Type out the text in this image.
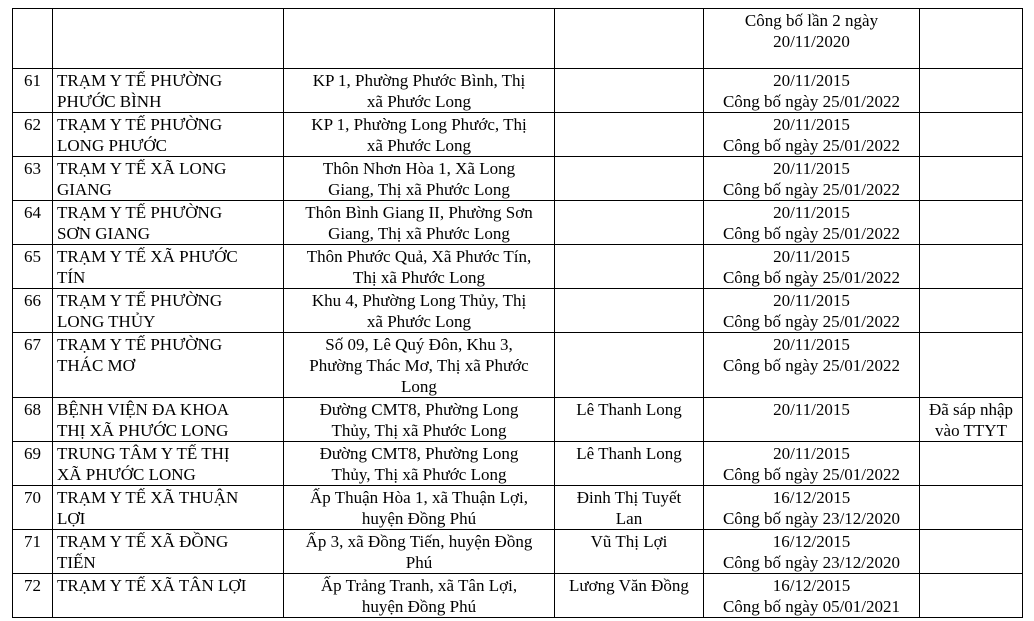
				Công bố lần 2 ngày
20/11/2020	

61	TRẠM Y TẾ PHƯỜNG
PHƯỚC BÌNH	KP 1, Phường Phước Bình, Thị
xã Phước Long		20/11/2015
Công bố ngày 25/01/2022	

62	TRẠM Y TẾ PHƯỜNG
LONG PHƯỚC	KP 1, Phường Long Phước, Thị
xã Phước Long		20/11/2015
Công bố ngày 25/01/2022	

63	TRẠM Y TẾ XÃ LONG
GIANG	Thôn Nhơn Hòa 1, Xã Long
Giang, Thị xã Phước Long		20/11/2015
Công bố ngày 25/01/2022	

64	TRẠM Y TẾ PHƯỜNG
SƠN GIANG	Thôn Bình Giang II, Phường Sơn
Giang, Thị xã Phước Long		20/11/2015
Công bố ngày 25/01/2022	

65	TRẠM Y TẾ XÃ PHƯỚC
TÍN	Thôn Phước Quả, Xã Phước Tín,
Thị xã Phước Long		20/11/2015
Công bố ngày 25/01/2022	

66	TRẠM Y TẾ PHƯỜNG
LONG THỦY	Khu 4, Phường Long Thủy, Thị
xã Phước Long		20/11/2015
Công bố ngày 25/01/2022	

67	TRẠM Y TẾ PHƯỜNG
THÁC MƠ	Số 09, Lê Quý Đôn, Khu 3,
Phường Thác Mơ, Thị xã Phước
Long		20/11/2015
Công bố ngày 25/01/2022	

68	BỆNH VIỆN ĐA KHOA
THỊ XÃ PHƯỚC LONG	Đường CMT8, Phường Long
Thủy, Thị xã Phước Long	Lê Thanh Long	20/11/2015	Đã sáp nhập
vào TTYT

69	TRUNG TÂM Y TẾ THỊ
XÃ PHƯỚC LONG	Đường CMT8, Phường Long
Thủy, Thị xã Phước Long	Lê Thanh Long	20/11/2015
Công bố ngày 25/01/2022	

70	TRẠM Y TẾ XÃ THUẬN
LỢI	Ấp Thuận Hòa 1, xã Thuận Lợi,
huyện Đồng Phú	Đinh Thị Tuyết
Lan	16/12/2015
Công bố ngày 23/12/2020	

71	TRẠM Y TẾ XÃ ĐỒNG
TIẾN	Ấp 3, xã Đồng Tiến, huyện Đồng
Phú	Vũ Thị Lợi	16/12/2015
Công bố ngày 23/12/2020	

72	TRẠM Y TẾ XÃ TÂN LỢI	Ấp Trảng Tranh, xã Tân Lợi,
huyện Đồng Phú	Lương Văn Đồng	16/12/2015
Công bố ngày 05/01/2021	
